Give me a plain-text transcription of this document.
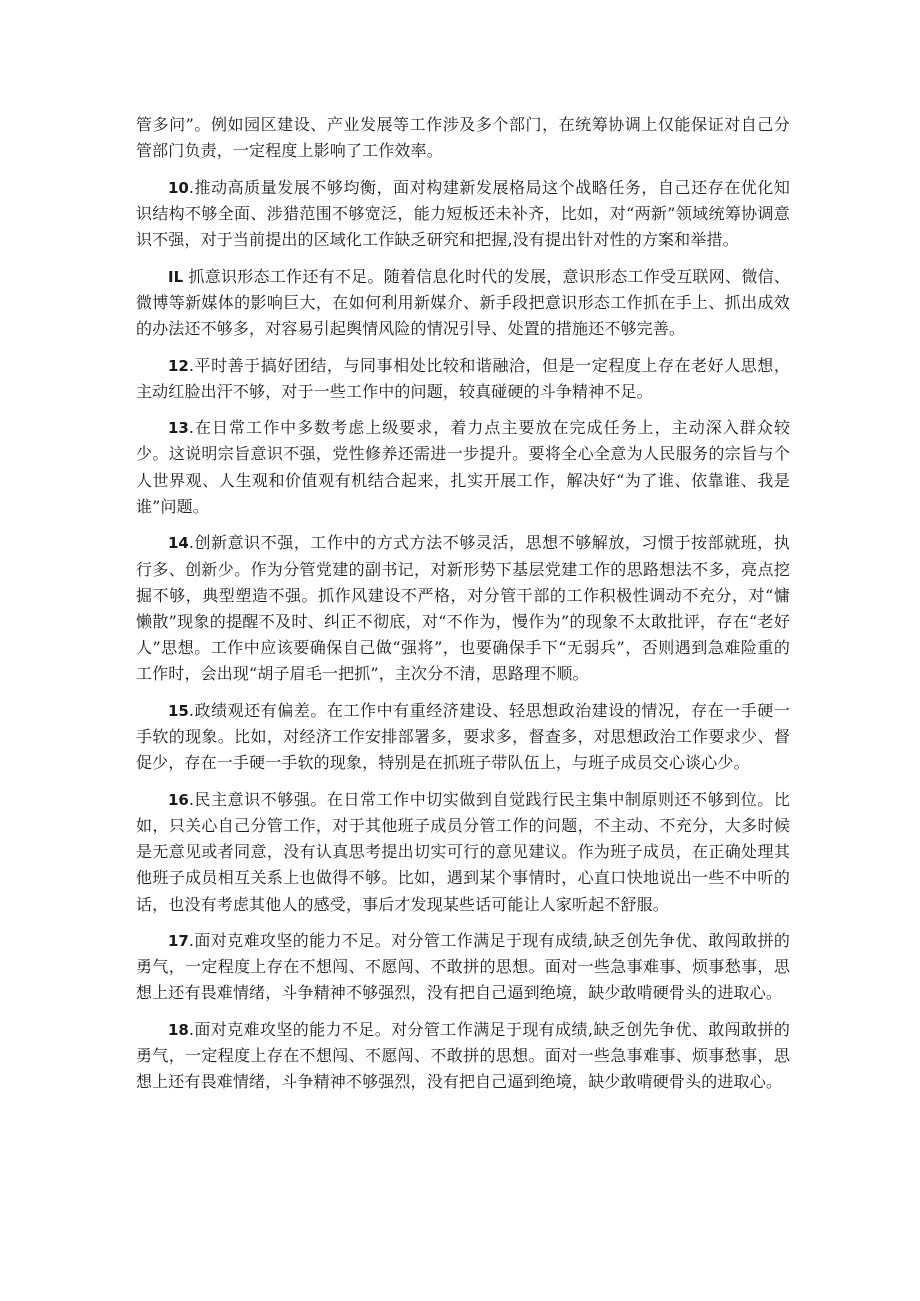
管多问”。例如园区建设、产业发展等工作涉及多个部门，在统筹协调上仅能保证对自己分管部门负责，一定程度上影响了工作效率。

10.推动高质量发展不够均衡，面对构建新发展格局这个战略任务，自己还存在优化知识结构不够全面、涉猎范围不够宽泛，能力短板还未补齐，比如，对“两新”领域统筹协调意识不强，对于当前提出的区域化工作缺乏研究和把握,没有提出针对性的方案和举措。

IL 抓意识形态工作还有不足。随着信息化时代的发展，意识形态工作受互联网、微信、微博等新媒体的影响巨大，在如何利用新媒介、新手段把意识形态工作抓在手上、抓出成效的办法还不够多，对容易引起舆情风险的情况引导、处置的措施还不够完善。

12.平时善于搞好团结，与同事相处比较和谐融洽，但是一定程度上存在老好人思想，主动红脸出汗不够，对于一些工作中的问题，较真碰硬的斗争精神不足。

13.在日常工作中多数考虑上级要求，着力点主要放在完成任务上，主动深入群众较少。这说明宗旨意识不强，党性修养还需进一步提升。要将全心全意为人民服务的宗旨与个人世界观、人生观和价值观有机结合起来，扎实开展工作，解决好“为了谁、依靠谁、我是谁”问题。

14.创新意识不强，工作中的方式方法不够灵活，思想不够解放，习惯于按部就班，执行多、创新少。作为分管党建的副书记，对新形势下基层党建工作的思路想法不多，亮点挖掘不够，典型塑造不强。抓作风建设不严格，对分管干部的工作积极性调动不充分，对“慵懒散”现象的提醒不及时、纠正不彻底，对“不作为，慢作为”的现象不太敢批评，存在“老好人”思想。工作中应该要确保自己做“强将”，也要确保手下“无弱兵”，否则遇到急难险重的工作时，会出现“胡子眉毛一把抓”，主次分不清，思路理不顺。

15.政绩观还有偏差。在工作中有重经济建设、轻思想政治建设的情况，存在一手硬一手软的现象。比如，对经济工作安排部署多，要求多，督查多，对思想政治工作要求少、督促少，存在一手硬一手软的现象，特别是在抓班子带队伍上，与班子成员交心谈心少。

16.民主意识不够强。在日常工作中切实做到自觉践行民主集中制原则还不够到位。比如，只关心自己分管工作，对于其他班子成员分管工作的问题，不主动、不充分，大多时候是无意见或者同意，没有认真思考提出切实可行的意见建议。作为班子成员，在正确处理其他班子成员相互关系上也做得不够。比如，遇到某个事情时，心直口快地说出一些不中听的话，也没有考虑其他人的感受，事后才发现某些话可能让人家听起不舒服。

17.面对克难攻坚的能力不足。对分管工作满足于现有成绩,缺乏创先争优、敢闯敢拼的勇气，一定程度上存在不想闯、不愿闯、不敢拼的思想。面对一些急事难事、烦事愁事，思想上还有畏难情绪，斗争精神不够强烈，没有把自己逼到绝境，缺少敢啃硬骨头的进取心。

18.面对克难攻坚的能力不足。对分管工作满足于现有成绩,缺乏创先争优、敢闯敢拼的勇气，一定程度上存在不想闯、不愿闯、不敢拼的思想。面对一些急事难事、烦事愁事，思想上还有畏难情绪，斗争精神不够强烈，没有把自己逼到绝境，缺少敢啃硬骨头的进取心。
